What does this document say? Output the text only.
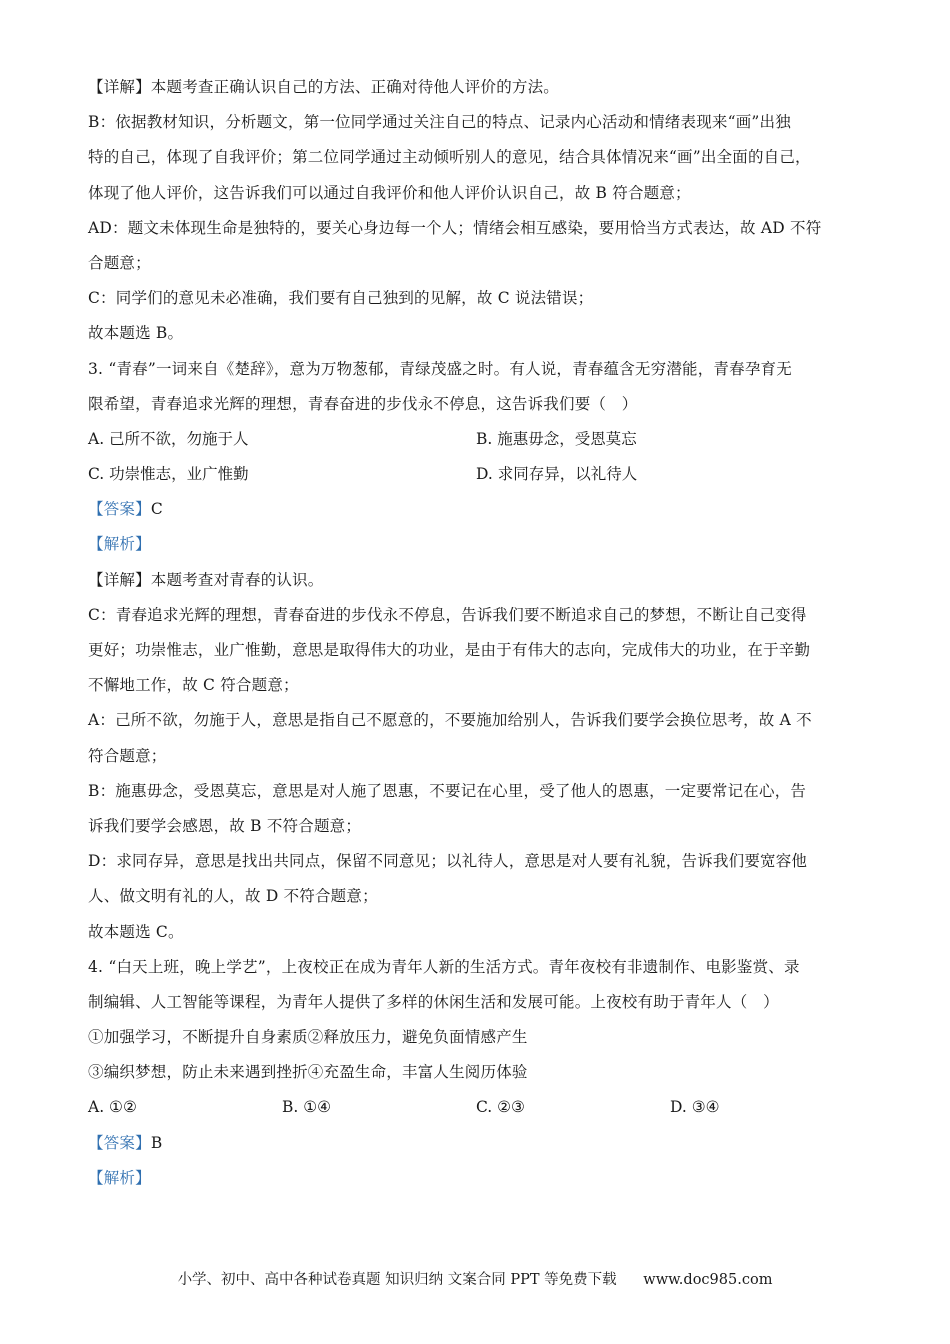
【详解】本题考查正确认识自己的方法、正确对待他人评价的方法。
B：依据教材知识，分析题文，第一位同学通过关注自己的特点、记录内心活动和情绪表现来“画”出独
特的自己，体现了自我评价；第二位同学通过主动倾听别人的意见，结合具体情况来“画”出全面的自己，
体现了他人评价，这告诉我们可以通过自我评价和他人评价认识自己，故 B 符合题意；
AD：题文未体现生命是独特的，要关心身边每一个人；情绪会相互感染，要用恰当方式表达，故 AD 不符
合题意；
C：同学们的意见未必准确，我们要有自己独到的见解，故 C 说法错误；
故本题选 B。
3. “青春”一词来自《楚辞》，意为万物葱郁，青绿茂盛之时。有人说，青春蕴含无穷潜能，青春孕育无
限希望，青春追求光辉的理想，青春奋进的步伐永不停息，这告诉我们要（　）
A. 己所不欲，勿施于人	B. 施惠毋念，受恩莫忘
C. 功崇惟志，业广惟勤	D. 求同存异，以礼待人
【答案】C
【解析】
【详解】本题考查对青春的认识。
C：青春追求光辉的理想，青春奋进的步伐永不停息，告诉我们要不断追求自己的梦想，不断让自己变得
更好；功崇惟志，业广惟勤，意思是取得伟大的功业，是由于有伟大的志向，完成伟大的功业，在于辛勤
不懈地工作，故 C 符合题意；
A：己所不欲，勿施于人，意思是指自己不愿意的，不要施加给别人，告诉我们要学会换位思考，故 A 不
符合题意；
B：施惠毋念，受恩莫忘，意思是对人施了恩惠，不要记在心里，受了他人的恩惠，一定要常记在心，告
诉我们要学会感恩，故 B 不符合题意；
D：求同存异，意思是找出共同点，保留不同意见；以礼待人，意思是对人要有礼貌，告诉我们要宽容他
人、做文明有礼的人，故 D 不符合题意；
故本题选 C。
4. “白天上班，晚上学艺”，上夜校正在成为青年人新的生活方式。青年夜校有非遗制作、电影鉴赏、录
制编辑、人工智能等课程，为青年人提供了多样的休闲生活和发展可能。上夜校有助于青年人（　）
①加强学习，不断提升自身素质②释放压力，避免负面情感产生
③编织梦想，防止未来遇到挫折④充盈生命，丰富人生阅历体验
A. ①②	B. ①④	C. ②③	D. ③④
【答案】B
【解析】
小学、初中、高中各种试卷真题 知识归纳 文案合同 PPT 等免费下载 www.doc985.com
